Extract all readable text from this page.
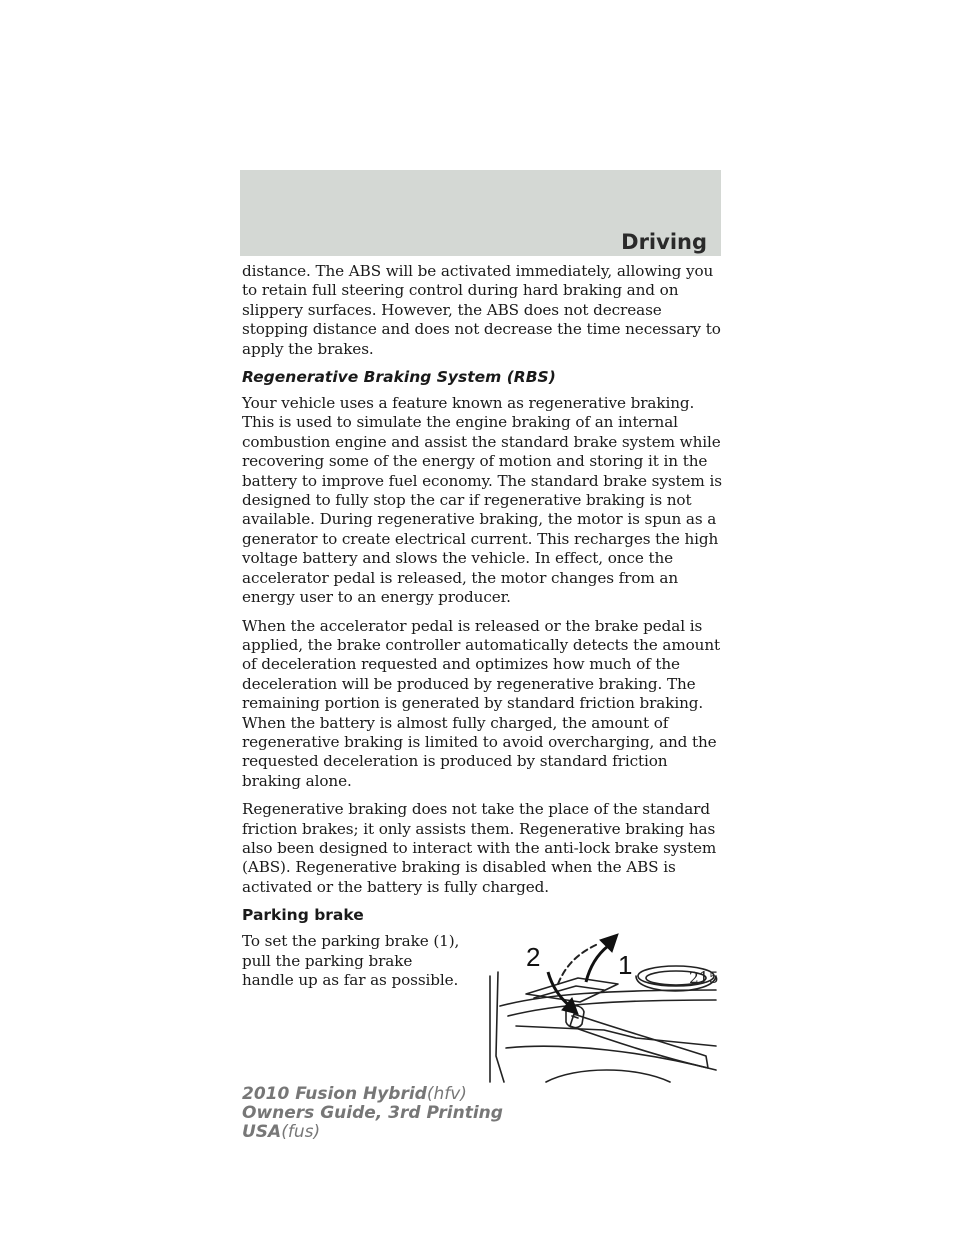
Driving

distance. The ABS will be activated immediately, allowing you to retain full steering control during hard braking and on slippery surfaces. However, the ABS does not decrease stopping distance and does not decrease the time necessary to apply the brakes.

Regenerative Braking System (RBS)

Your vehicle uses a feature known as regenerative braking. This is used to simulate the engine braking of an internal combustion engine and assist the standard brake system while recovering some of the energy of motion and storing it in the battery to improve fuel economy. The standard brake system is designed to fully stop the car if regenerative braking is not available. During regenerative braking, the motor is spun as a generator to create electrical current. This recharges the high voltage battery and slows the vehicle. In effect, once the accelerator pedal is released, the motor changes from an energy user to an energy producer.

When the accelerator pedal is released or the brake pedal is applied, the brake controller automatically detects the amount of deceleration requested and optimizes how much of the deceleration will be produced by regenerative braking. The remaining portion is generated by standard friction braking. When the battery is almost fully charged, the amount of regenerative braking is limited to avoid overcharging, and the requested deceleration is produced by standard friction braking alone.

Regenerative braking does not take the place of the standard friction brakes; it only assists them. Regenerative braking has also been designed to interact with the anti-lock brake system (ABS). Regenerative braking is disabled when the ABS is activated or the battery is fully charged.

Parking brake

To set the parking brake (1), pull the parking brake handle up as far as possible.	1
2
215
2010 Fusion Hybrid(hfv)
Owners Guide, 3rd Printing
USA(fus)
